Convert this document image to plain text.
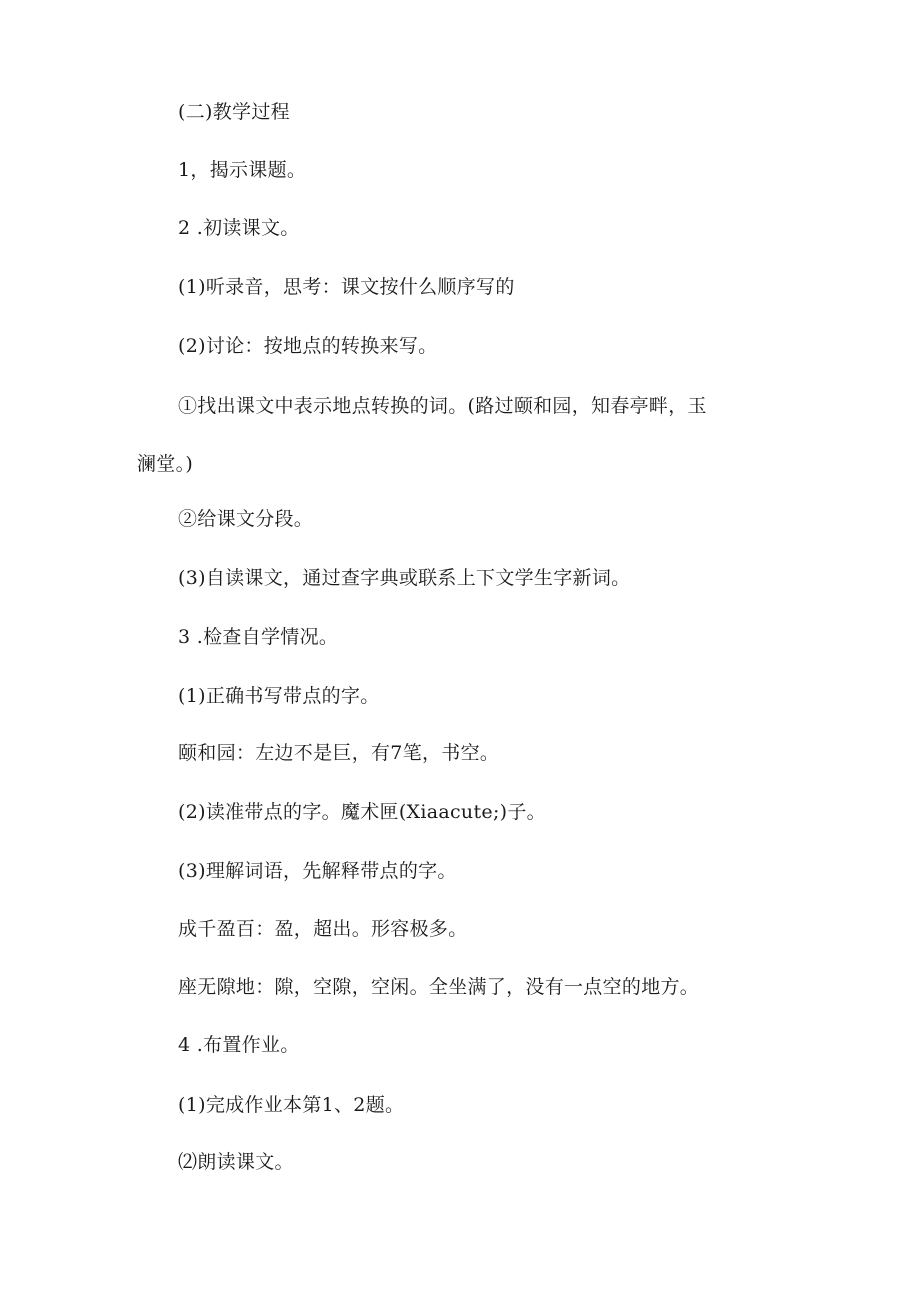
(二)教学过程
1，揭示课题。
2 .初读课文。
(1)听录音，思考：课文按什么顺序写的
(2)讨论：按地点的转换来写。
①找出课文中表示地点转换的词。(路过颐和园，知春亭畔，玉
澜堂。)
②给课文分段。
(3)自读课文，通过查字典或联系上下文学生字新词。
3 .检查自学情况。
(1)正确书写带点的字。
颐和园：左边不是巨，有7笔，书空。
(2)读准带点的字。魔术匣(Xiaacute;)子。
(3)理解词语，先解释带点的字。
成千盈百：盈，超出。形容极多。
座无隙地：隙，空隙，空闲。全坐满了，没有一点空的地方。
4 .布置作业。
(1)完成作业本第1、2题。
⑵朗读课文。
